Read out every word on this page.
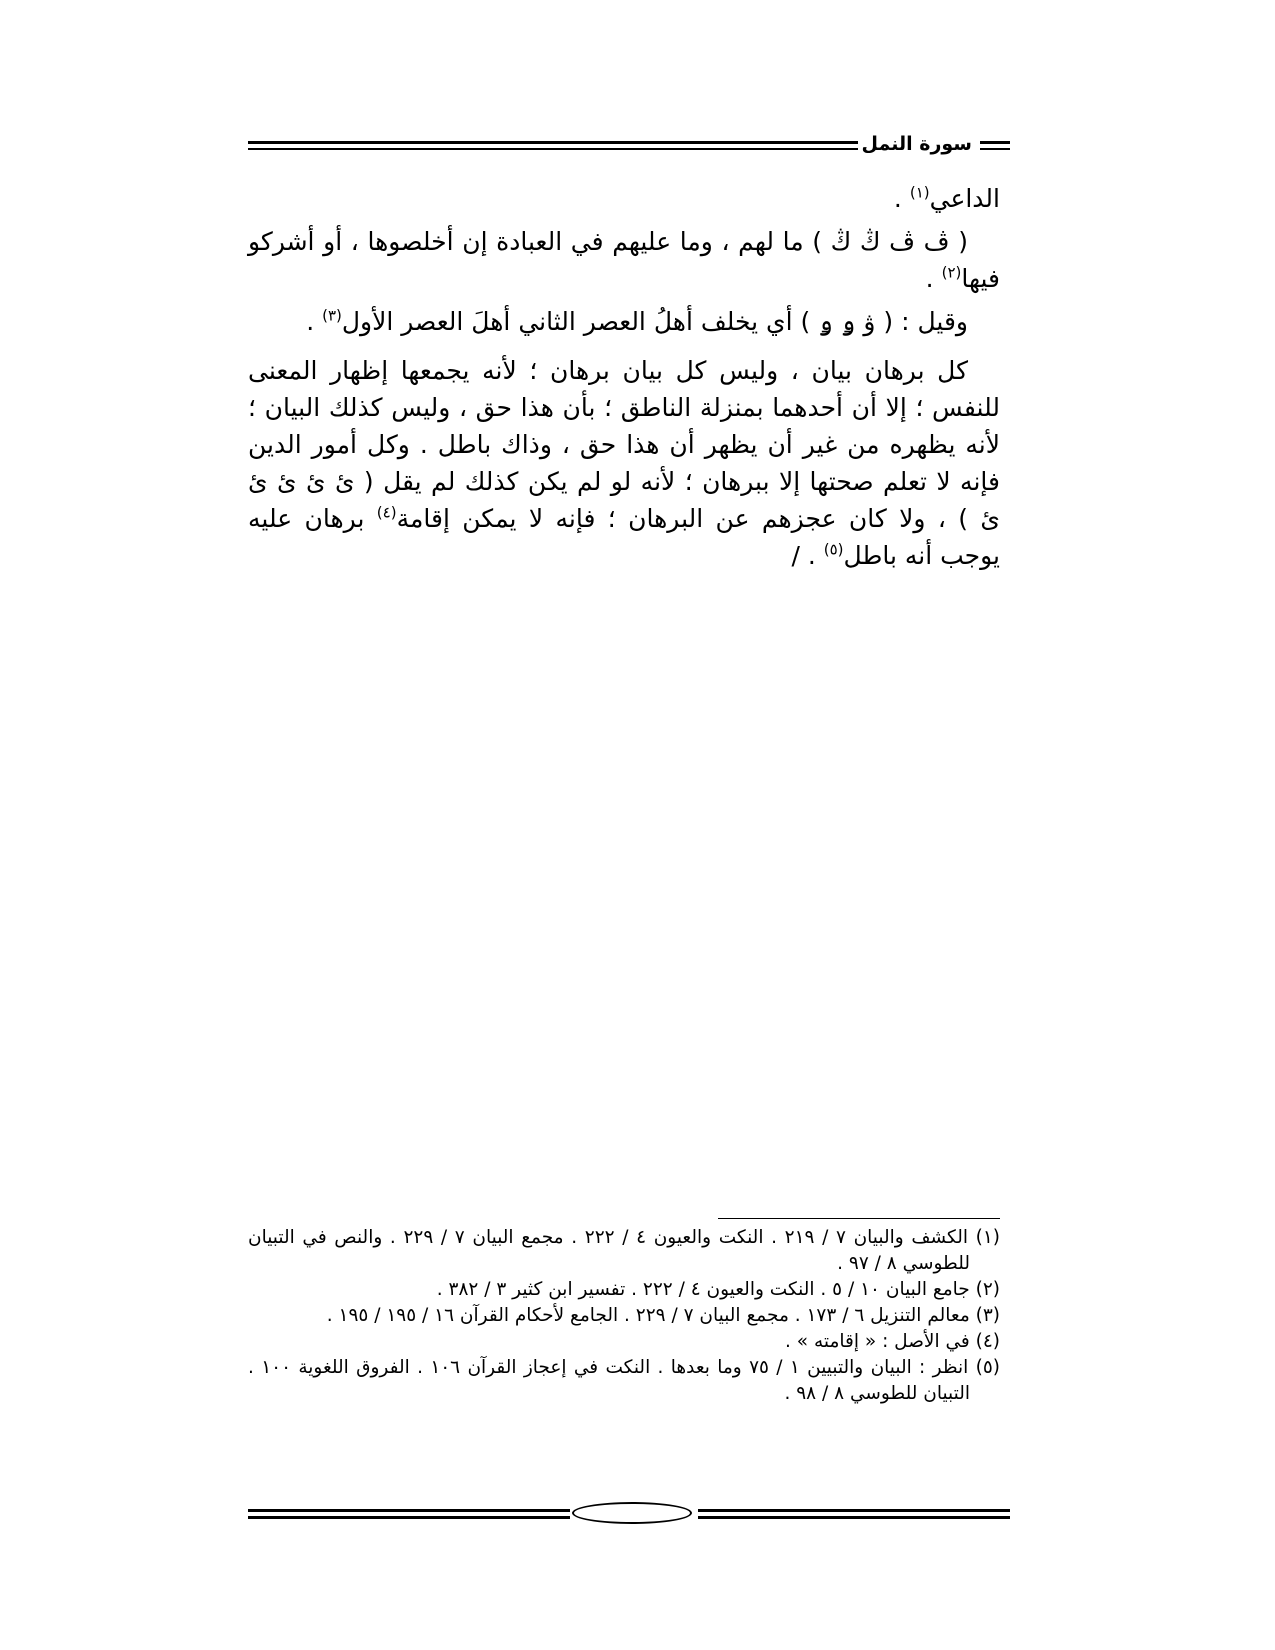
سورة النمل

الداعي$^{(١)}$ .

( ڤ ڤ ڭ ڭ ) ما لهم ، وما عليهم في العبادة إن أخلصوها ، أو أشركو فيها$^{(٢)}$ .

وقيل : ( ۋ ۅ ۅ ) أي يخلف أهلُ العصر الثاني أهلَ العصر الأول$^{(٣)}$ .

كل برهان بيان ، وليس كل بيان برهان ؛ لأنه يجمعها إظهار المعنى للنفس ؛ إلا أن أحدهما بمنزلة الناطق ؛ بأن هذا حق ، وليس كذلك البيان ؛ لأنه يظهره من غير أن يظهر أن هذا حق ، وذاك باطل . وكل أمور الدين فإنه لا تعلم صحتها إلا ببرهان ؛ لأنه لو لم يكن كذلك لم يقل ( ئ ئ ئ ئ ئ ) ، ولا كان عجزهم عن البرهان ؛ فإنه لا يمكن إقامة$^{(٤)}$ برهان عليه يوجب أنه باطل$^{(٥)}$ . /

(١) الكشف والبيان ٧ / ٢١٩ . النكت والعيون ٤ / ٢٢٢ . مجمع البيان ٧ / ٢٢٩ . والنص في التبيان للطوسي ٨ / ٩٧ .

(٢) جامع البيان ١٠ / ٥ . النكت والعيون ٤ / ٢٢٢ . تفسير ابن كثير ٣ / ٣٨٢ .

(٣) معالم التنزيل ٦ / ١٧٣ . مجمع البيان ٧ / ٢٢٩ . الجامع لأحكام القرآن ١٦ / ١٩٥ / ١٩٥ .

(٤) في الأصل : « إقامته » .

(٥) انظر : البيان والتبيين ١ / ٧٥ وما بعدها . النكت في إعجاز القرآن ١٠٦ . الفروق اللغوية ١٠٠ . التبيان للطوسي ٨ / ٩٨ .
